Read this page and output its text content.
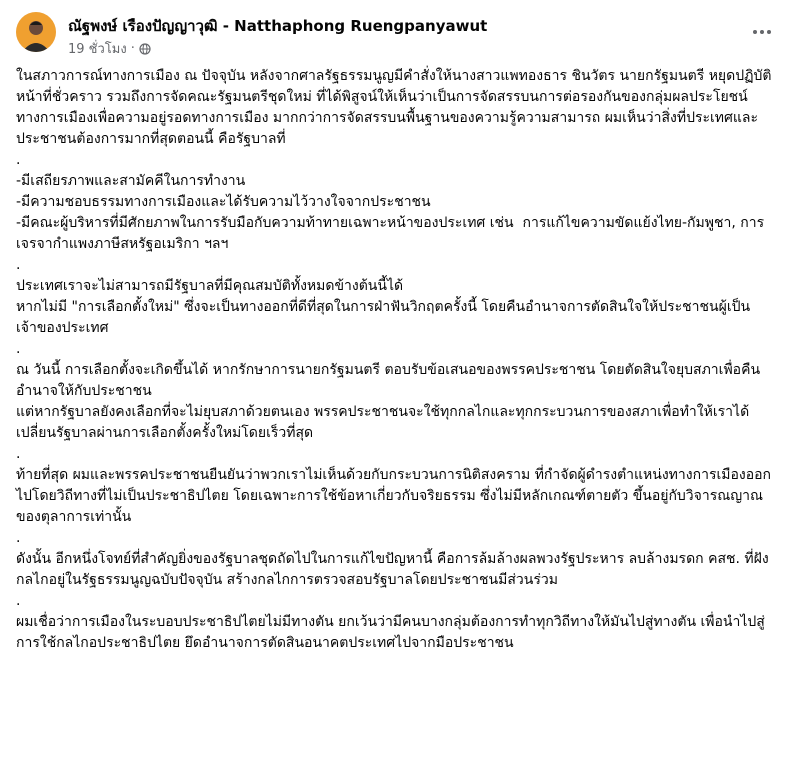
ณัฐพงษ์ เรืองปัญญาวุฒิ - Natthaphong Ruengpanyawut
19 ชั่วโมง ·

ในสภาวการณ์ทางการเมือง ณ ปัจจุบัน หลังจากศาลรัฐธรรมนูญมีคำสั่งให้นางสาวแพทองธาร ชินวัตร นายกรัฐมนตรี หยุดปฏิบัติหน้าที่ชั่วคราว รวมถึงการจัดคณะรัฐมนตรีชุดใหม่ ที่ได้พิสูจน์ให้เห็นว่าเป็นการจัดสรรบนการต่อรองกันของกลุ่มผลประโยชน์ทางการเมืองเพื่อความอยู่รอดทางการเมือง มากกว่าการจัดสรรบนพื้นฐานของความรู้ความสามารถ ผมเห็นว่าสิ่งที่ประเทศและประชาชนต้องการมากที่สุดตอนนี้ คือรัฐบาลที่

.

-มีเสถียรภาพและสามัคคีในการทำงาน

-มีความชอบธรรมทางการเมืองและได้รับความไว้วางใจจากประชาชน

-มีคณะผู้บริหารที่มีศักยภาพในการรับมือกับความท้าทายเฉพาะหน้าของประเทศ เช่น  การแก้ไขความขัดแย้งไทย-กัมพูชา, การเจรจากำแพงภาษีสหรัฐอเมริกา ฯลฯ

.

ประเทศเราจะไม่สามารถมีรัฐบาลที่มีคุณสมบัติทั้งหมดข้างต้นนี้ได้

หากไม่มี "การเลือกตั้งใหม่" ซึ่งจะเป็นทางออกที่ดีที่สุดในการฝ่าฟันวิกฤตครั้งนี้ โดยคืนอำนาจการตัดสินใจให้ประชาชนผู้เป็นเจ้าของประเทศ

.

ณ วันนี้ การเลือกตั้งจะเกิดขึ้นได้ หากรักษาการนายกรัฐมนตรี ตอบรับข้อเสนอของพรรคประชาชน โดยตัดสินใจยุบสภาเพื่อคืนอำนาจให้กับประชาชน

แต่หากรัฐบาลยังคงเลือกที่จะไม่ยุบสภาด้วยตนเอง พรรคประชาชนจะใช้ทุกกลไกและทุกกระบวนการของสภาเพื่อทำให้เราได้เปลี่ยนรัฐบาลผ่านการเลือกตั้งครั้งใหม่โดยเร็วที่สุด

.

ท้ายที่สุด ผมและพรรคประชาชนยืนยันว่าพวกเราไม่เห็นด้วยกับกระบวนการนิติสงคราม ที่กำจัดผู้ดำรงตำแหน่งทางการเมืองออกไปโดยวิถีทางที่ไม่เป็นประชาธิปไตย โดยเฉพาะการใช้ข้อหาเกี่ยวกับจริยธรรม ซึ่งไม่มีหลักเกณฑ์ตายตัว ขึ้นอยู่กับวิจารณญาณของตุลาการเท่านั้น

.

ดังนั้น อีกหนึ่งโจทย์ที่สำคัญยิ่งของรัฐบาลชุดถัดไปในการแก้ไขปัญหานี้ คือการล้มล้างผลพวงรัฐประหาร ลบล้างมรดก คสช. ที่ฝังกลไกอยู่ในรัฐธรรมนูญฉบับปัจจุบัน สร้างกลไกการตรวจสอบรัฐบาลโดยประชาชนมีส่วนร่วม

.

ผมเชื่อว่าการเมืองในระบอบประชาธิปไตยไม่มีทางตัน ยกเว้นว่ามีคนบางกลุ่มต้องการทำทุกวิถีทางให้มันไปสู่ทางตัน เพื่อนำไปสู่การใช้กลไกอประชาธิปไตย ยึดอำนาจการตัดสินอนาคตประเทศไปจากมือประชาชน
